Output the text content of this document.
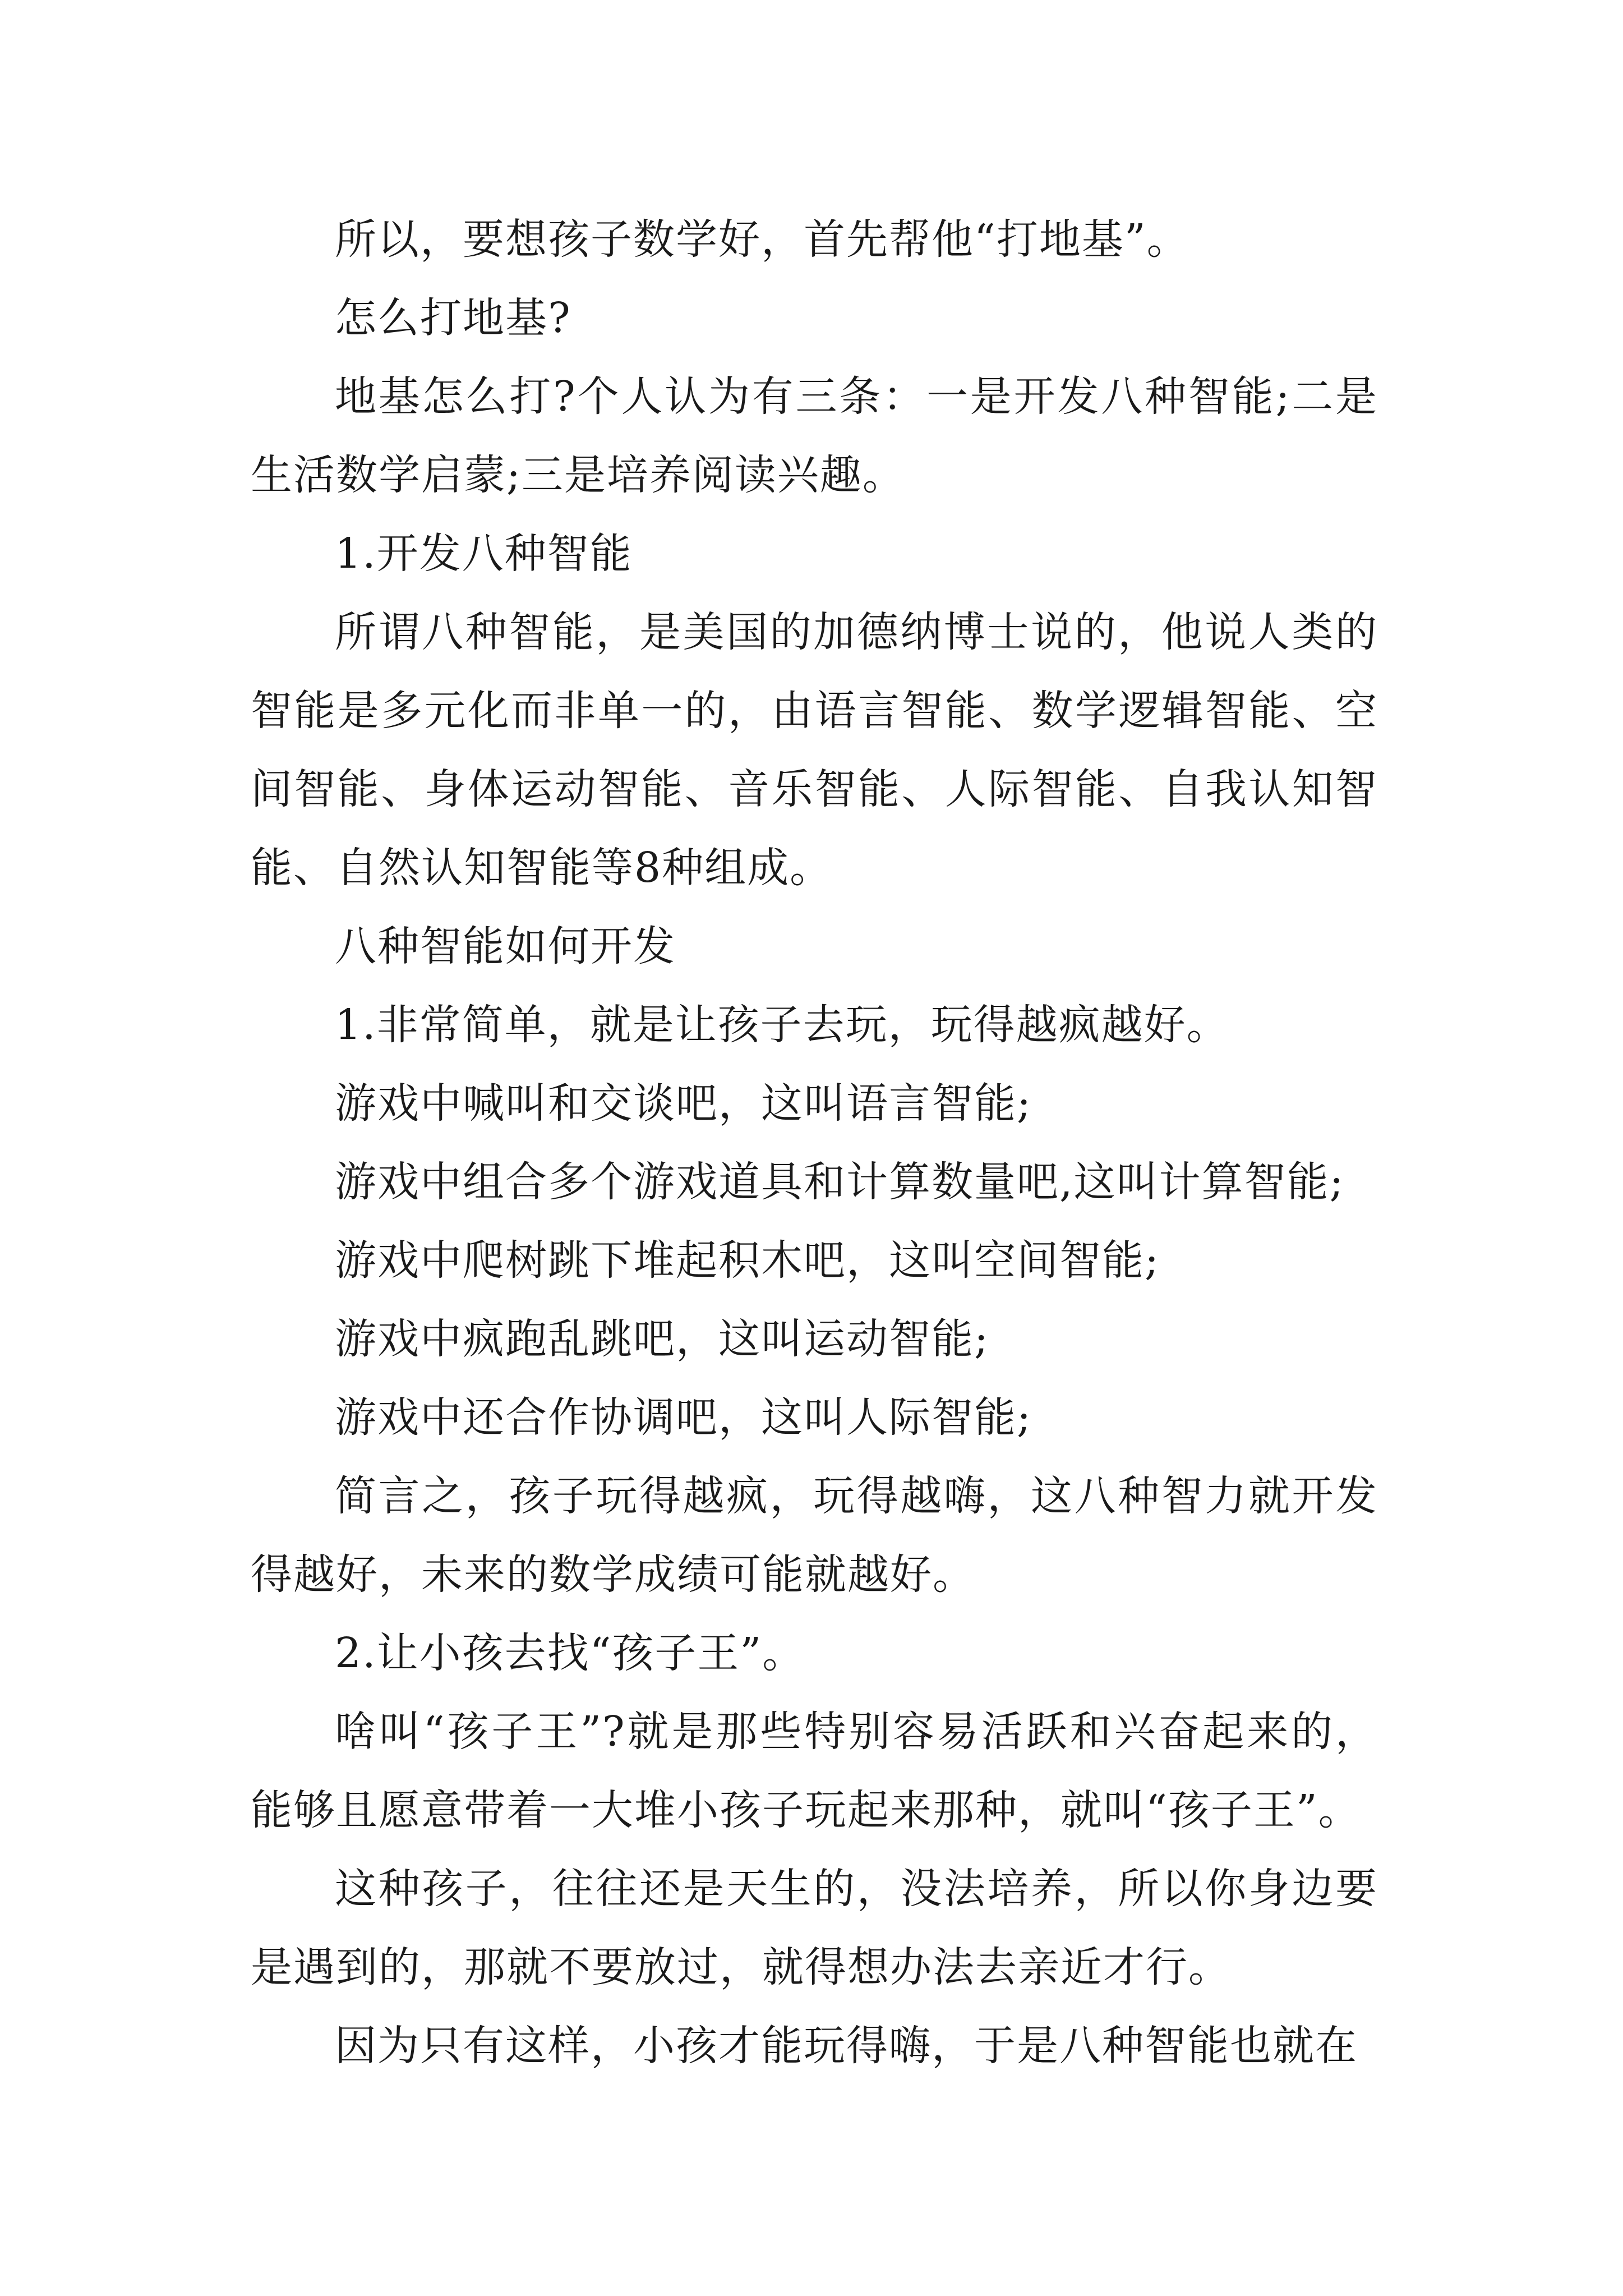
所以，要想孩子数学好，首先帮他“打地基”。

怎么打地基?

地基怎么打?个人认为有三条：一是开发八种智能;二是生活数学启蒙;三是培养阅读兴趣。

1.开发八种智能

所谓八种智能，是美国的加德纳博士说的，他说人类的智能是多元化而非单一的，由语言智能、数学逻辑智能、空间智能、身体运动智能、音乐智能、人际智能、自我认知智能、自然认知智能等8种组成。

八种智能如何开发

1.非常简单，就是让孩子去玩，玩得越疯越好。

游戏中喊叫和交谈吧，这叫语言智能;

游戏中组合多个游戏道具和计算数量吧,这叫计算智能;

游戏中爬树跳下堆起积木吧，这叫空间智能;

游戏中疯跑乱跳吧，这叫运动智能;

游戏中还合作协调吧，这叫人际智能;

简言之，孩子玩得越疯，玩得越嗨，这八种智力就开发得越好，未来的数学成绩可能就越好。

2.让小孩去找“孩子王”。

啥叫“孩子王”?就是那些特别容易活跃和兴奋起来的，能够且愿意带着一大堆小孩子玩起来那种，就叫“孩子王”。

这种孩子，往往还是天生的，没法培养，所以你身边要是遇到的，那就不要放过，就得想办法去亲近才行。

因为只有这样，小孩才能玩得嗨，于是八种智能也就在
